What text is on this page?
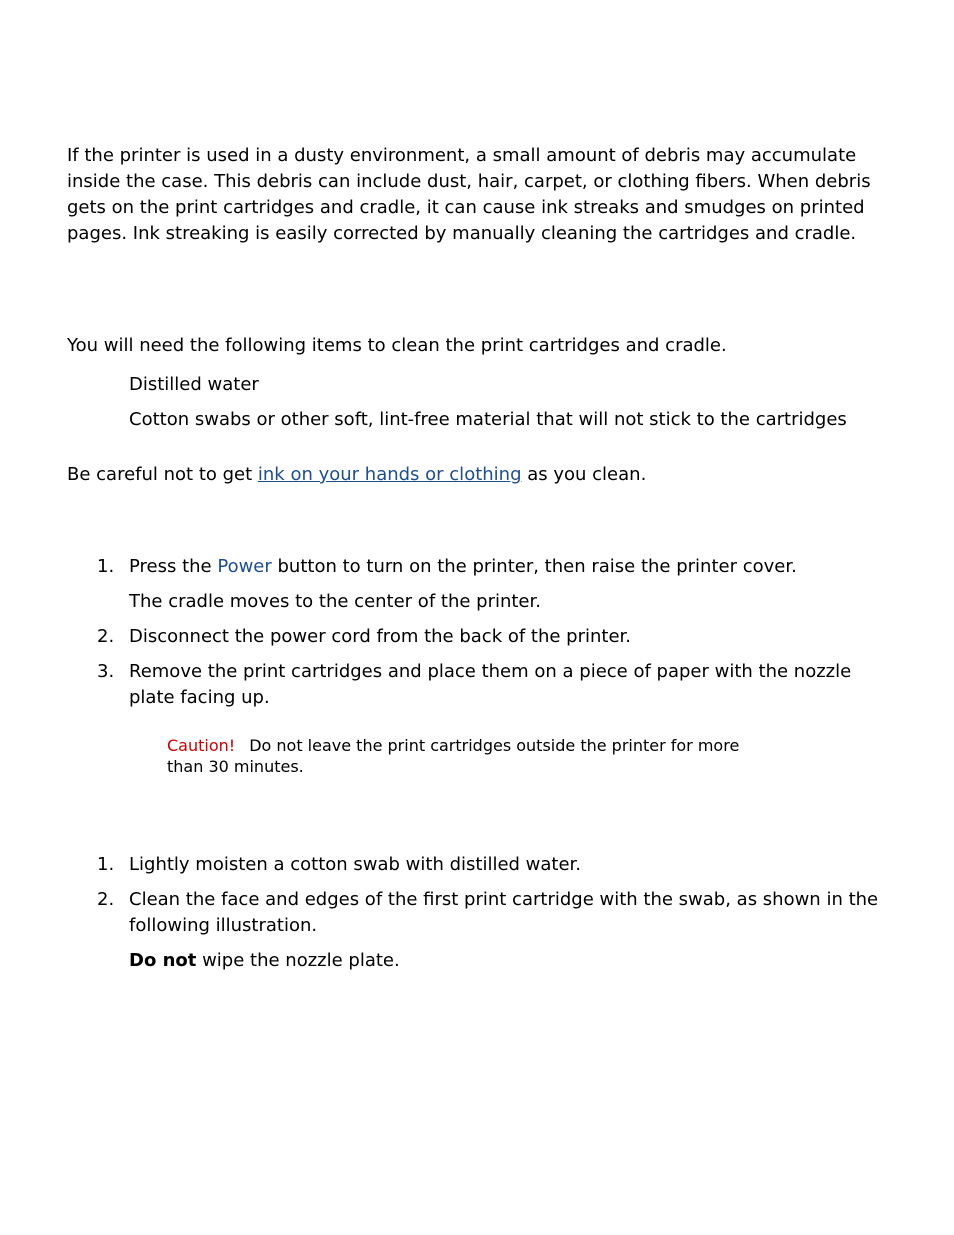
If the printer is used in a dusty environment, a small amount of debris may accumulate inside the case. This debris can include dust, hair, carpet, or clothing fibers. When debris gets on the print cartridges and cradle, it can cause ink streaks and smudges on printed pages. Ink streaking is easily corrected by manually cleaning the cartridges and cradle.

You will need the following items to clean the print cartridges and cradle.

Distilled water

Cotton swabs or other soft, lint-free material that will not stick to the cartridges

Be careful not to get ink on your hands or clothing as you clean.

1. Press the Power button to turn on the printer, then raise the printer cover.
The cradle moves to the center of the printer.
2. Disconnect the power cord from the back of the printer.
3. Remove the print cartridges and place them on a piece of paper with the nozzle plate facing up.
Caution! Do not leave the print cartridges outside the printer for more than 30 minutes.
1. Lightly moisten a cotton swab with distilled water.
2. Clean the face and edges of the first print cartridge with the swab, as shown in the following illustration.
Do not wipe the nozzle plate.
